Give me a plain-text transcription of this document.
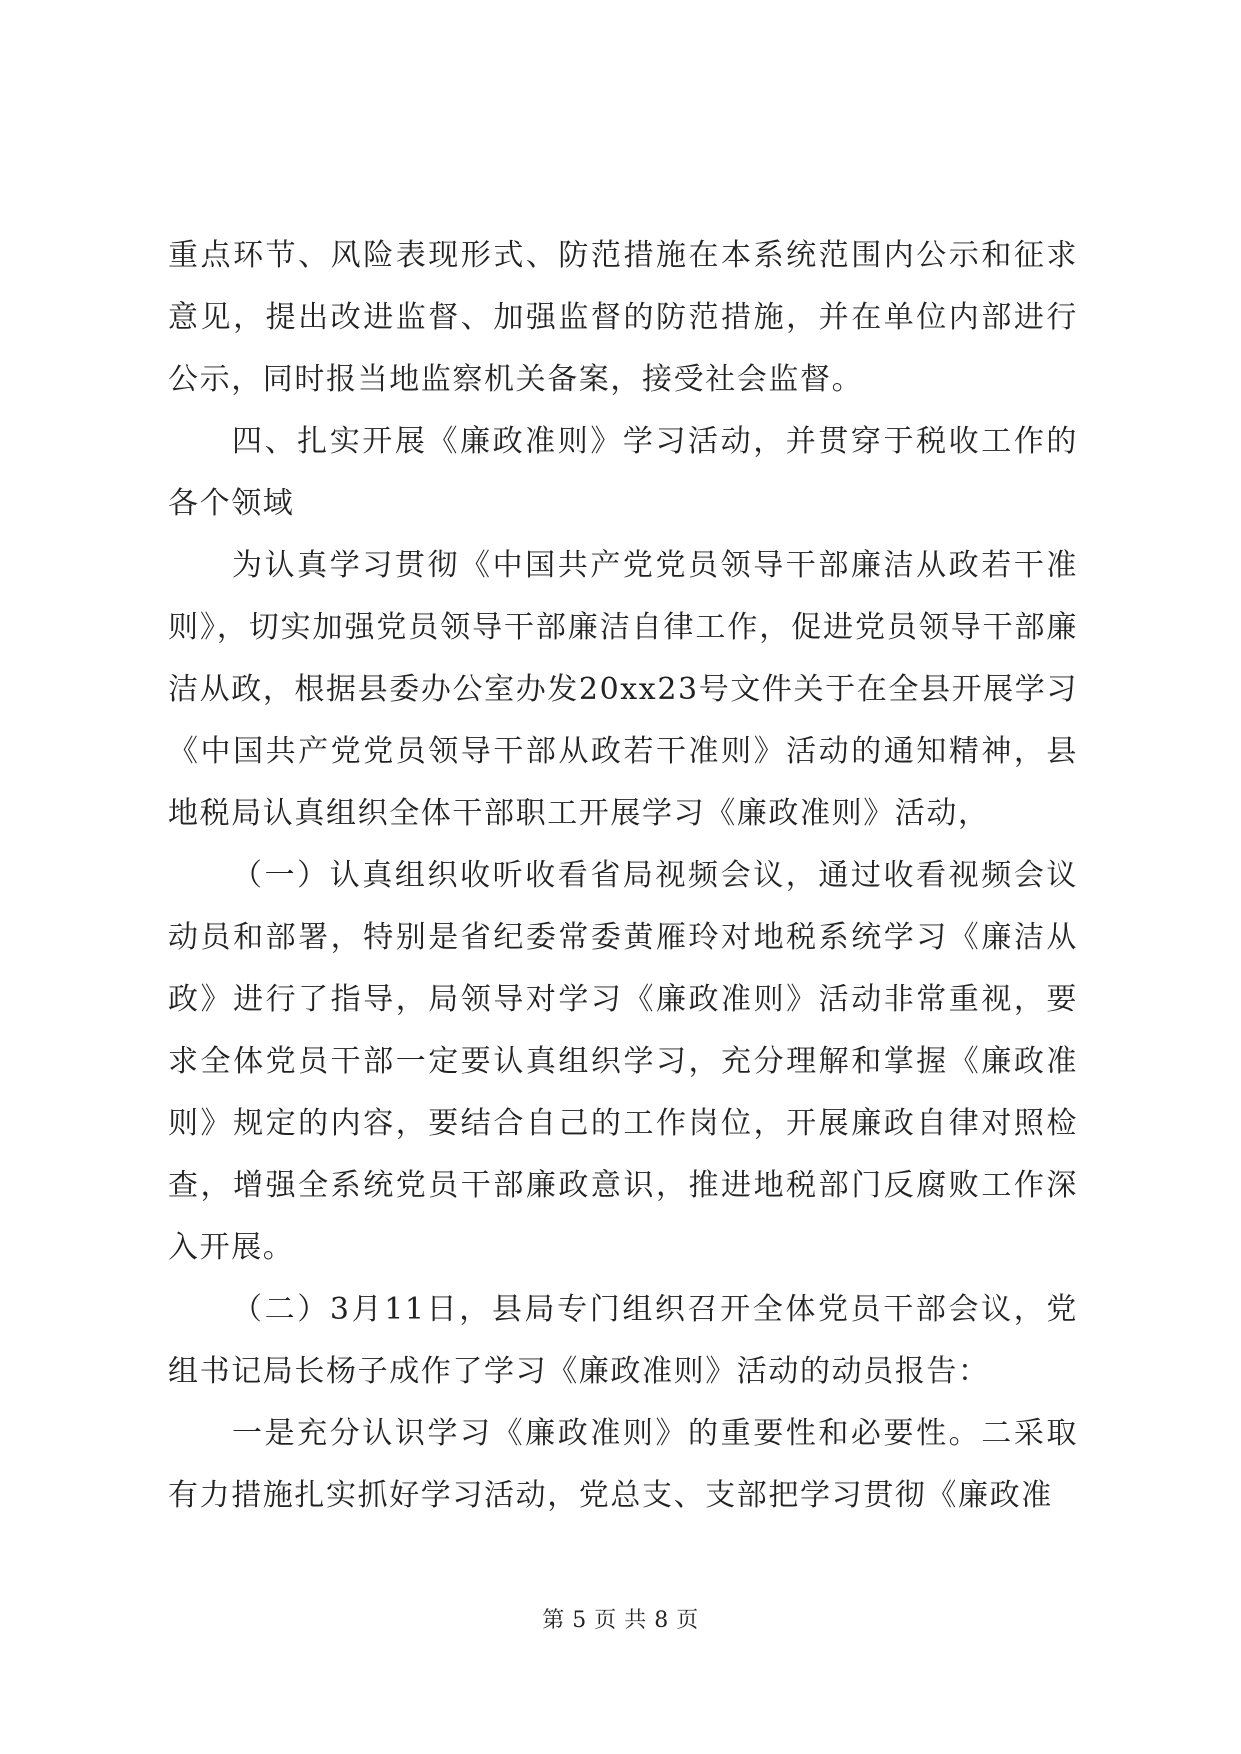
重点环节、风险表现形式、防范措施在本系统范围内公示和征求意见，提出改进监督、加强监督的防范措施，并在单位内部进行公示，同时报当地监察机关备案，接受社会监督。

四、扎实开展《廉政准则》学习活动，并贯穿于税收工作的各个领域

为认真学习贯彻《中国共产党党员领导干部廉洁从政若干准则》，切实加强党员领导干部廉洁自律工作，促进党员领导干部廉洁从政，根据县委办公室办发20xx23号文件关于在全县开展学习《中国共产党党员领导干部从政若干准则》活动的通知精神，县地税局认真组织全体干部职工开展学习《廉政准则》活动，

（一）认真组织收听收看省局视频会议，通过收看视频会议动员和部署，特别是省纪委常委黄雁玲对地税系统学习《廉洁从政》进行了指导，局领导对学习《廉政准则》活动非常重视，要求全体党员干部一定要认真组织学习，充分理解和掌握《廉政准则》规定的内容，要结合自己的工作岗位，开展廉政自律对照检查，增强全系统党员干部廉政意识，推进地税部门反腐败工作深入开展。

（二）3月11日，县局专门组织召开全体党员干部会议，党组书记局长杨子成作了学习《廉政准则》活动的动员报告：

一是充分认识学习《廉政准则》的重要性和必要性。二采取有力措施扎实抓好学习活动，党总支、支部把学习贯彻《廉政准

第 5 页 共 8 页
